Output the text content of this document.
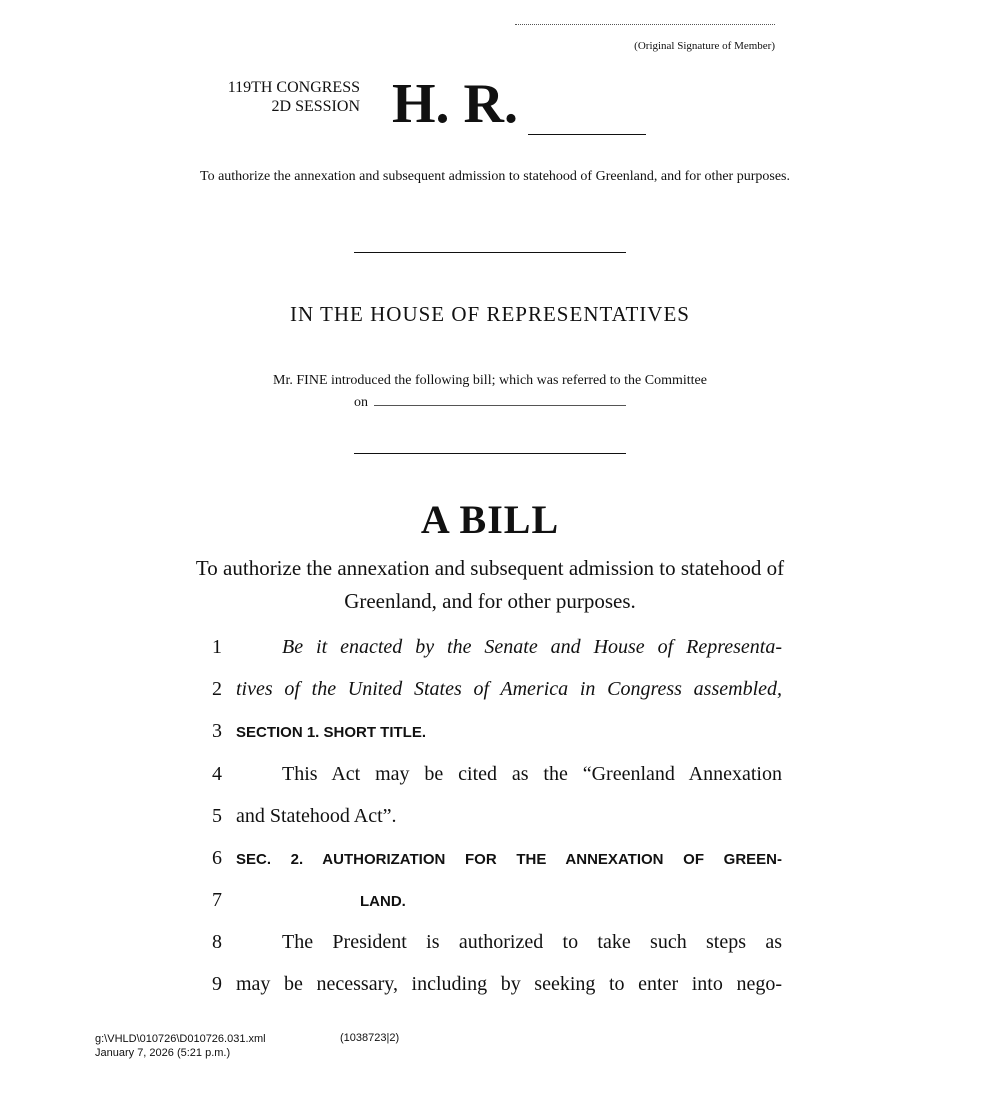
(Original Signature of Member)
119TH CONGRESS
2D SESSION H. R.
To authorize the annexation and subsequent admission to statehood of Greenland, and for other purposes.
IN THE HOUSE OF REPRESENTATIVES
Mr. FINE introduced the following bill; which was referred to the Committee
on
A BILL
To authorize the annexation and subsequent admission to statehood of Greenland, and for other purposes.
1	Be it enacted by the Senate and House of Representa-
2 tives of the United States of America in Congress assembled,
3 SECTION 1. SHORT TITLE.
4	This Act may be cited as the “Greenland Annexation
5 and Statehood Act”.
6 SEC. 2. AUTHORIZATION FOR THE ANNEXATION OF GREEN-
7	LAND.
8	The President is authorized to take such steps as
9 may be necessary, including by seeking to enter into nego-
g:\VHLD\010726\D010726.031.xml
January 7, 2026 (5:21 p.m.)
(1038723|2)
